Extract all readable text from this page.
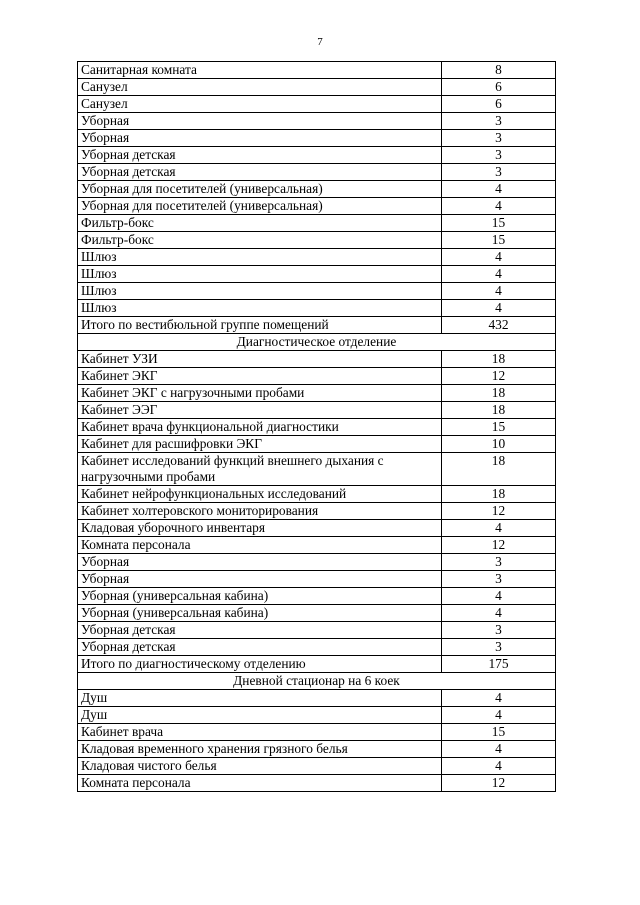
7
Санитарная комната	8
Санузел	6
Санузел	6
Уборная	3
Уборная	3
Уборная детская	3
Уборная детская	3
Уборная для посетителей (универсальная)	4
Уборная для посетителей (универсальная)	4
Фильтр-бокс	15
Фильтр-бокс	15
Шлюз	4
Шлюз	4
Шлюз	4
Шлюз	4
Итого по вестибюльной группе помещений	432
Диагностическое отделение	
Кабинет УЗИ	18
Кабинет ЭКГ	12
Кабинет ЭКГ с нагрузочными пробами	18
Кабинет ЭЭГ	18
Кабинет врача функциональной диагностики	15
Кабинет для расшифровки ЭКГ	10
Кабинет исследований функций внешнего дыхания с нагрузочными пробами	18
Кабинет нейрофункциональных исследований	18
Кабинет холтеровского мониторирования	12
Кладовая уборочного инвентаря	4
Комната персонала	12
Уборная	3
Уборная	3
Уборная (универсальная кабина)	4
Уборная (универсальная кабина)	4
Уборная детская	3
Уборная детская	3
Итого по диагностическому отделению	175
Дневной стационар на 6 коек	
Душ	4
Душ	4
Кабинет врача	15
Кладовая временного хранения грязного белья	4
Кладовая чистого белья	4
Комната персонала	12
